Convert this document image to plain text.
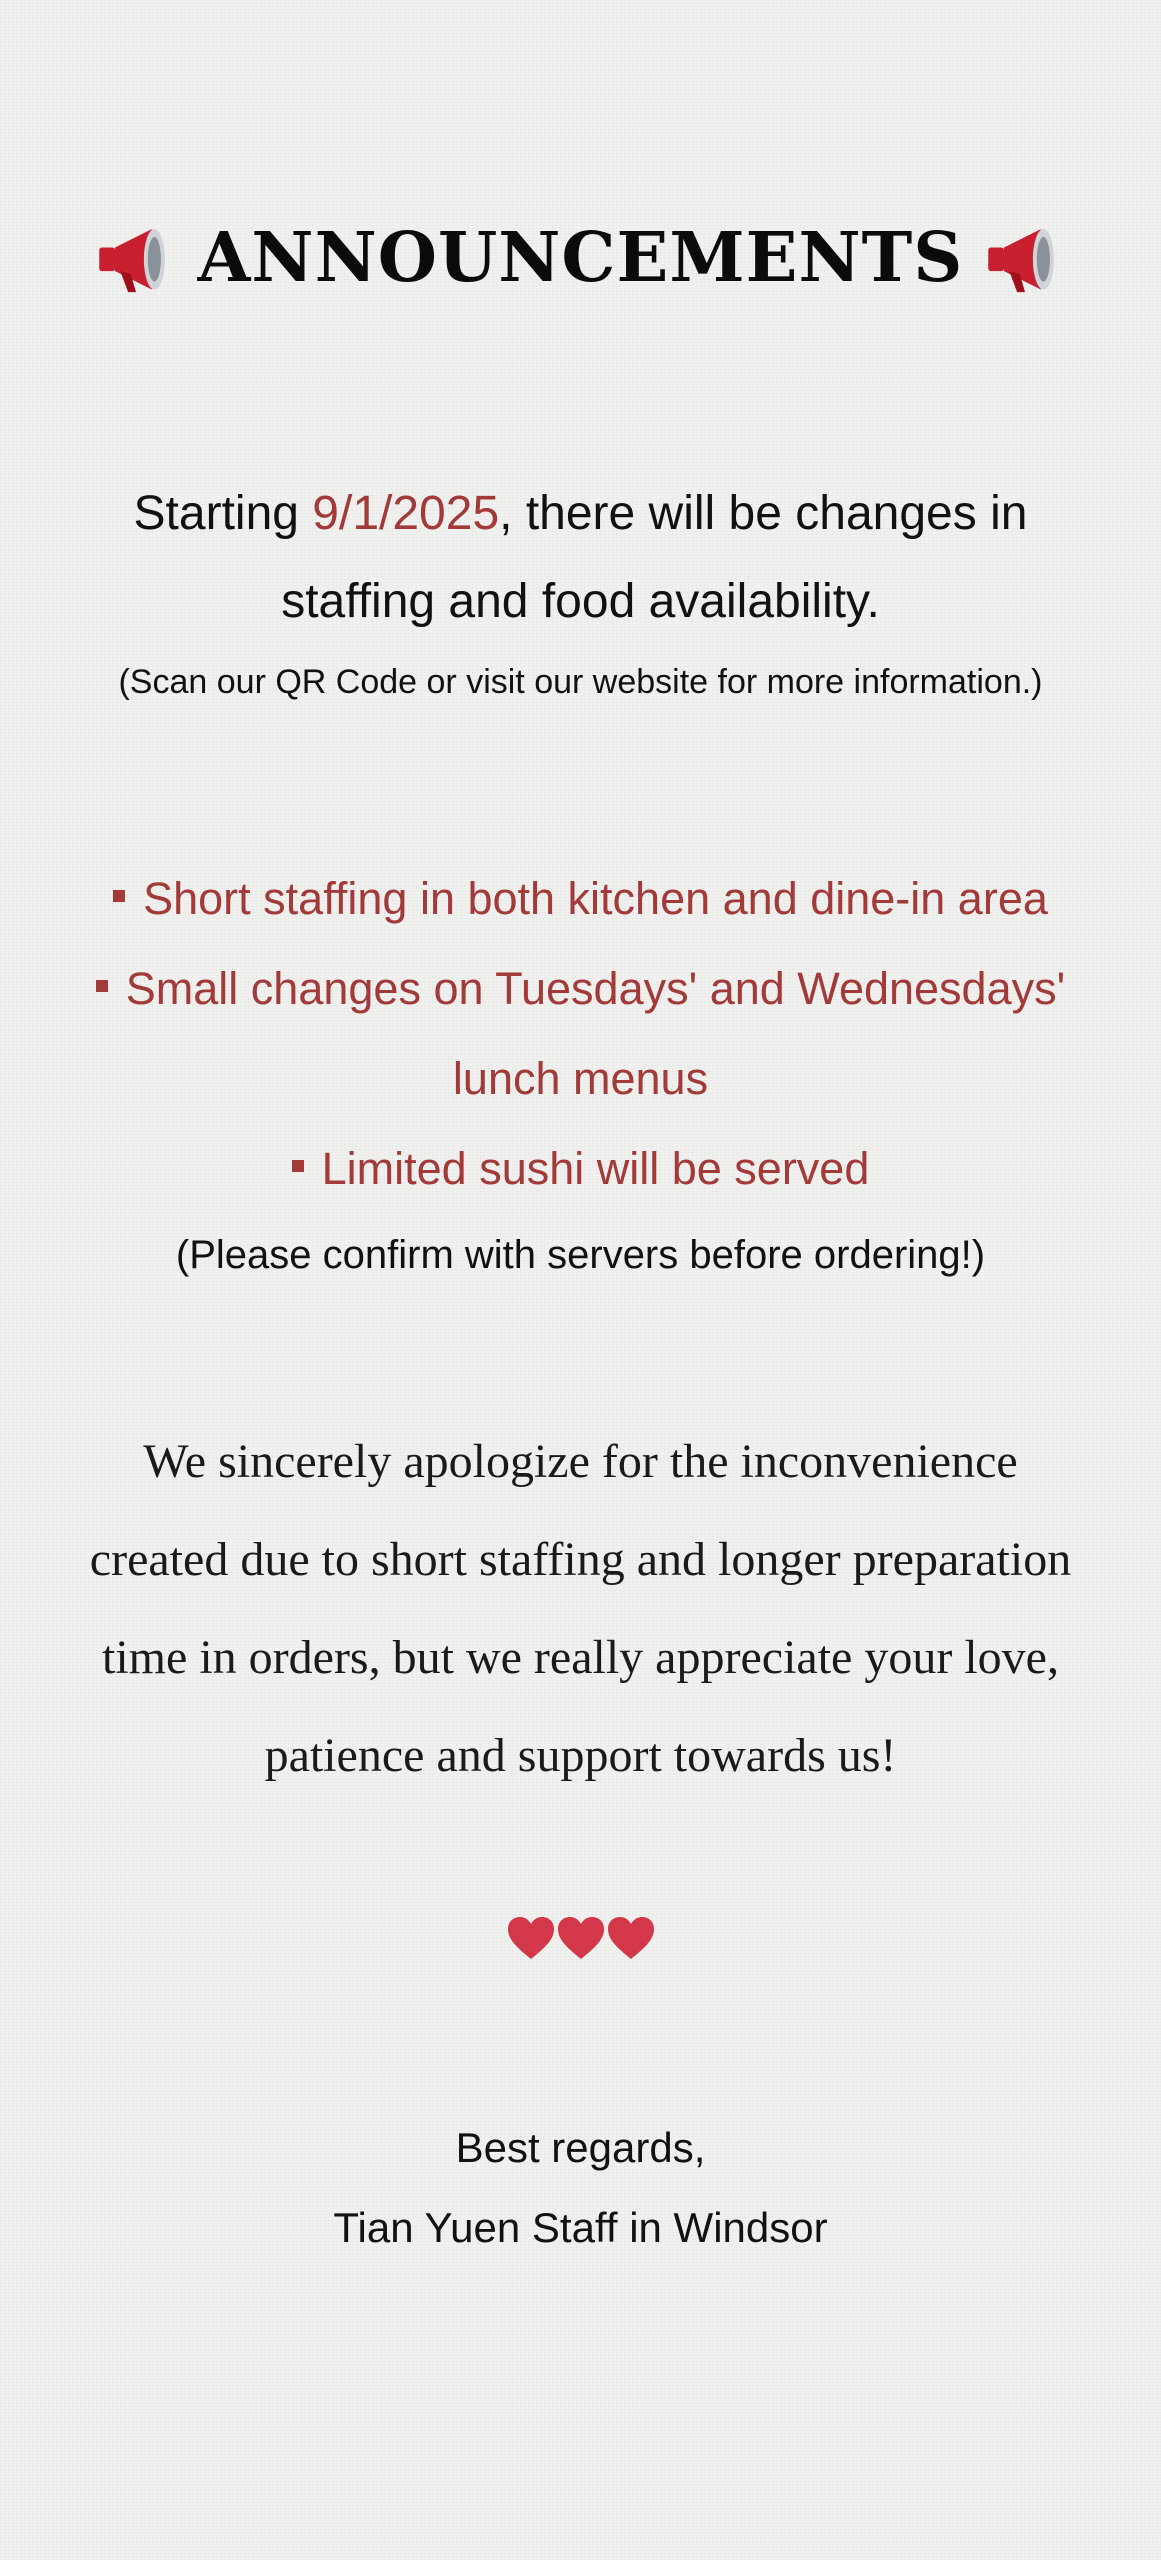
ANNOUNCEMENTS
Starting 9/1/2025, there will be changes in staffing and food availability.
(Scan our QR Code or visit our website for more information.)
Short staffing in both kitchen and dine-in area
Small changes on Tuesdays' and Wednesdays' lunch menus
Limited sushi will be served
(Please confirm with servers before ordering!)
We sincerely apologize for the inconvenience created due to short staffing and longer preparation time in orders, but we really appreciate your love, patience and support towards us!
Best regards,
Tian Yuen Staff in Windsor
